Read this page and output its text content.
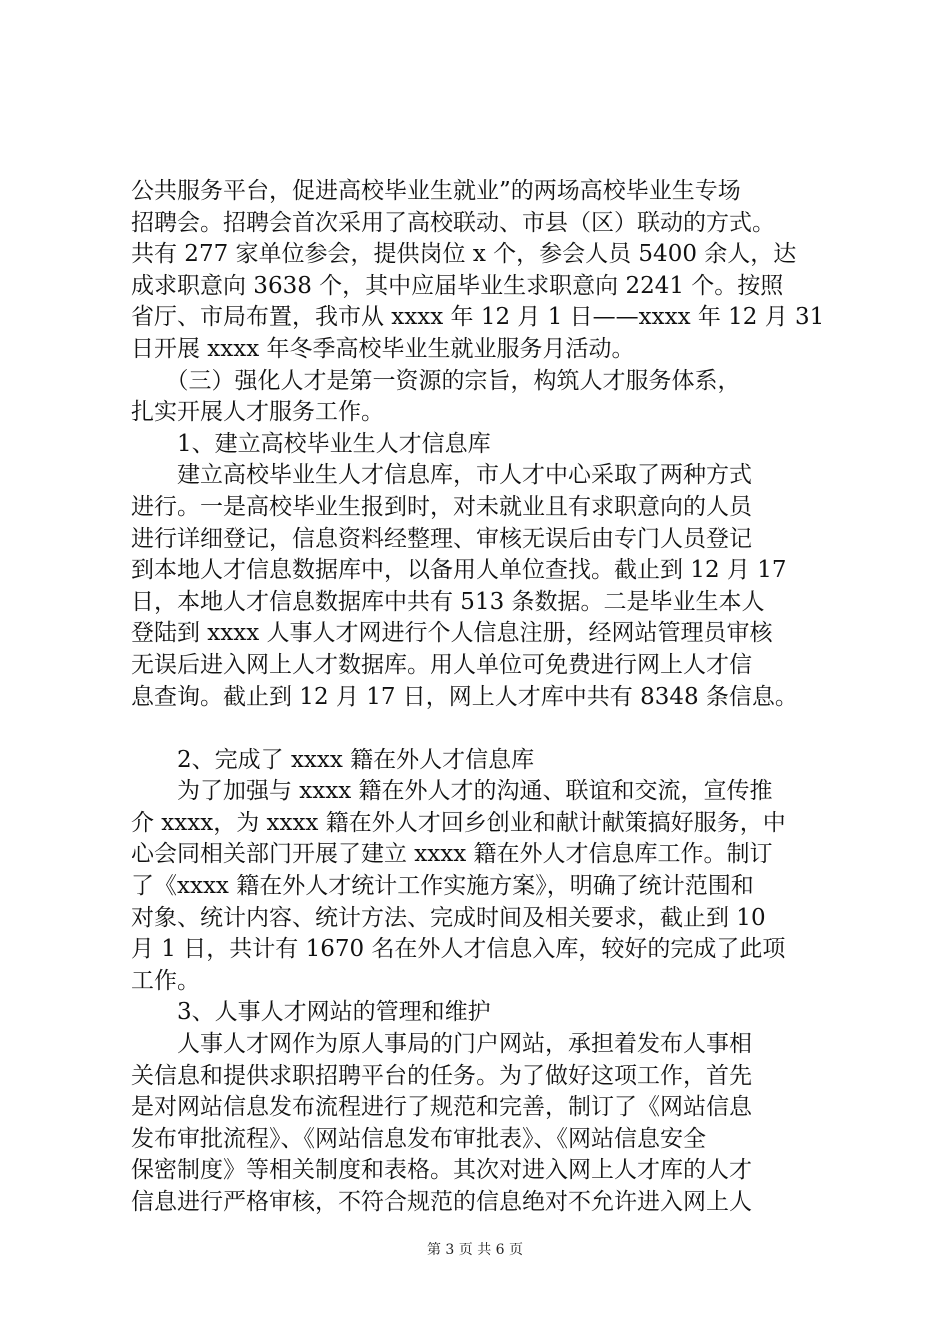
公共服务平台，促进高校毕业生就业”的两场高校毕业生专场
招聘会。招聘会首次采用了高校联动、市县（区）联动的方式。
共有 277 家单位参会，提供岗位 x 个，参会人员 5400 余人，达
成求职意向 3638 个，其中应届毕业生求职意向 2241 个。按照
省厅、市局布置，我市从 xxxx 年 12 月 1 日——xxxx 年 12 月 31
日开展 xxxx 年冬季高校毕业生就业服务月活动。
　　（三）强化人才是第一资源的宗旨，构筑人才服务体系，
扎实开展人才服务工作。
　　1、建立高校毕业生人才信息库
　　建立高校毕业生人才信息库，市人才中心采取了两种方式
进行。一是高校毕业生报到时，对未就业且有求职意向的人员
进行详细登记，信息资料经整理、审核无误后由专门人员登记
到本地人才信息数据库中，以备用人单位查找。截止到 12 月 17
日，本地人才信息数据库中共有 513 条数据。二是毕业生本人
登陆到 xxxx 人事人才网进行个人信息注册，经网站管理员审核
无误后进入网上人才数据库。用人单位可免费进行网上人才信
息查询。截止到 12 月 17 日，网上人才库中共有 8348 条信息。
　　2、完成了 xxxx 籍在外人才信息库
　　为了加强与 xxxx 籍在外人才的沟通、联谊和交流，宣传推
介 xxxx，为 xxxx 籍在外人才回乡创业和献计献策搞好服务，中
心会同相关部门开展了建立 xxxx 籍在外人才信息库工作。制订
了《xxxx 籍在外人才统计工作实施方案》，明确了统计范围和
对象、统计内容、统计方法、完成时间及相关要求，截止到 10
月 1 日，共计有 1670 名在外人才信息入库，较好的完成了此项
工作。
　　3、人事人才网站的管理和维护
　　人事人才网作为原人事局的门户网站，承担着发布人事相
关信息和提供求职招聘平台的任务。为了做好这项工作，首先
是对网站信息发布流程进行了规范和完善，制订了《网站信息
发布审批流程》、《网站信息发布审批表》、《网站信息安全
保密制度》等相关制度和表格。其次对进入网上人才库的人才
信息进行严格审核，不符合规范的信息绝对不允许进入网上人
第 3 页 共 6 页
